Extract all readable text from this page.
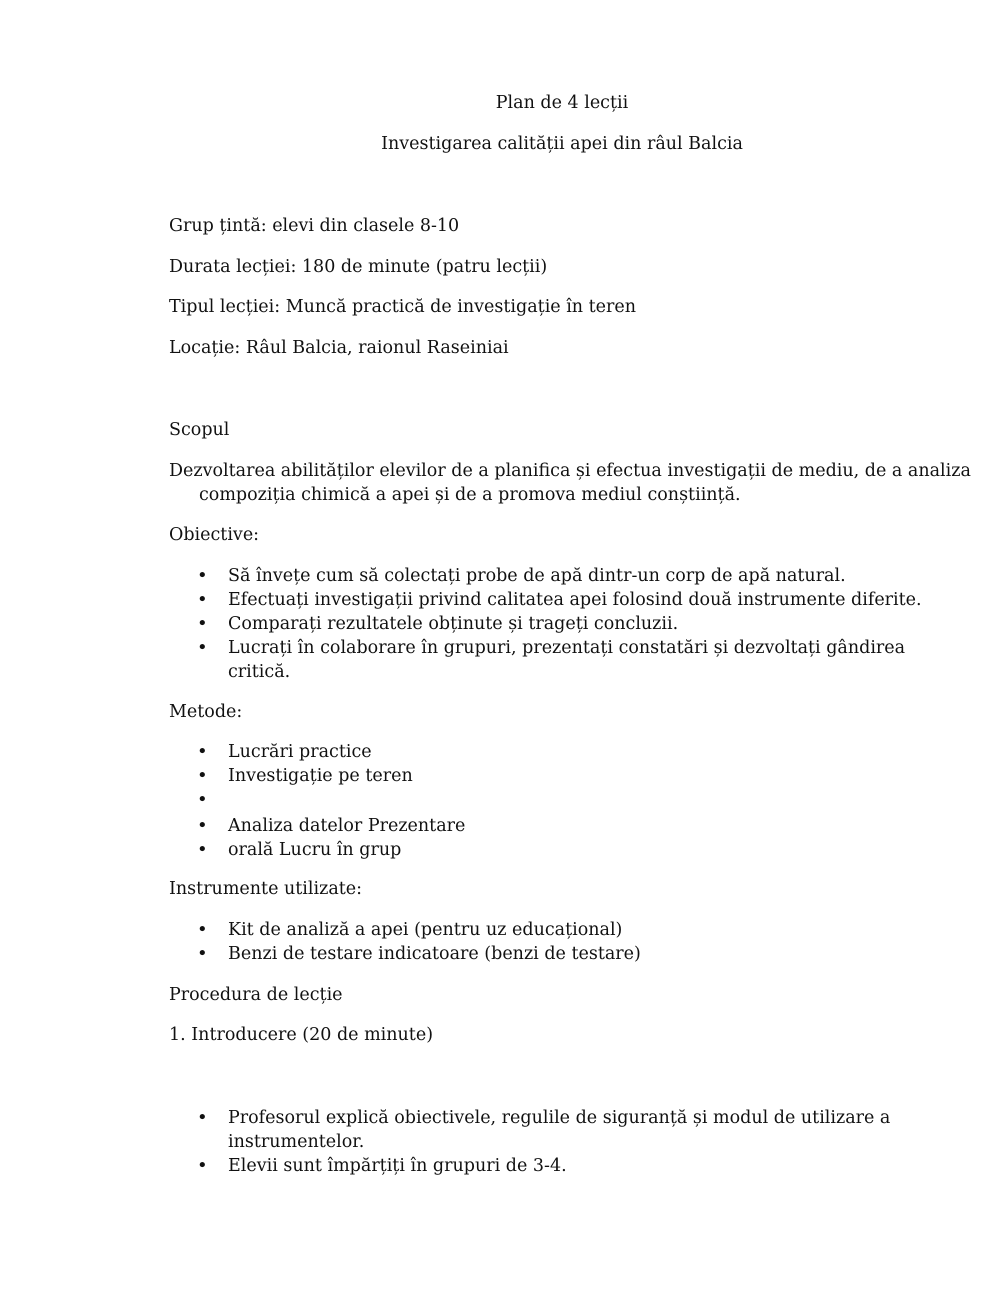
Plan de 4 lecții
Investigarea calității apei din râul Balcia
Grup țintă: elevi din clasele 8-10
Durata lecției: 180 de minute (patru lecții)
Tipul lecției: Muncă practică de investigație în teren
Locație: Râul Balcia, raionul Raseiniai
Scopul
Dezvoltarea abilităților elevilor de a planifica și efectua investigații de mediu, de a analiza compoziția chimică a apei și de a promova mediul conștiință.
Obiective:
• Să învețe cum să colectați probe de apă dintr-un corp de apă natural.
• Efectuați investigații privind calitatea apei folosind două instrumente diferite.
• Comparați rezultatele obținute și trageți concluzii.
• Lucrați în colaborare în grupuri, prezentați constatări și dezvoltați gândirea critică.
Metode:
• Lucrări practice
• Investigație pe teren
•
• Analiza datelor Prezentare
• orală Lucru în grup
Instrumente utilizate:
• Kit de analiză a apei (pentru uz educațional)
• Benzi de testare indicatoare (benzi de testare)
Procedura de lecție
1. Introducere (20 de minute)
• Profesorul explică obiectivele, regulile de siguranță și modul de utilizare a instrumentelor.
• Elevii sunt împărțiți în grupuri de 3-4.
